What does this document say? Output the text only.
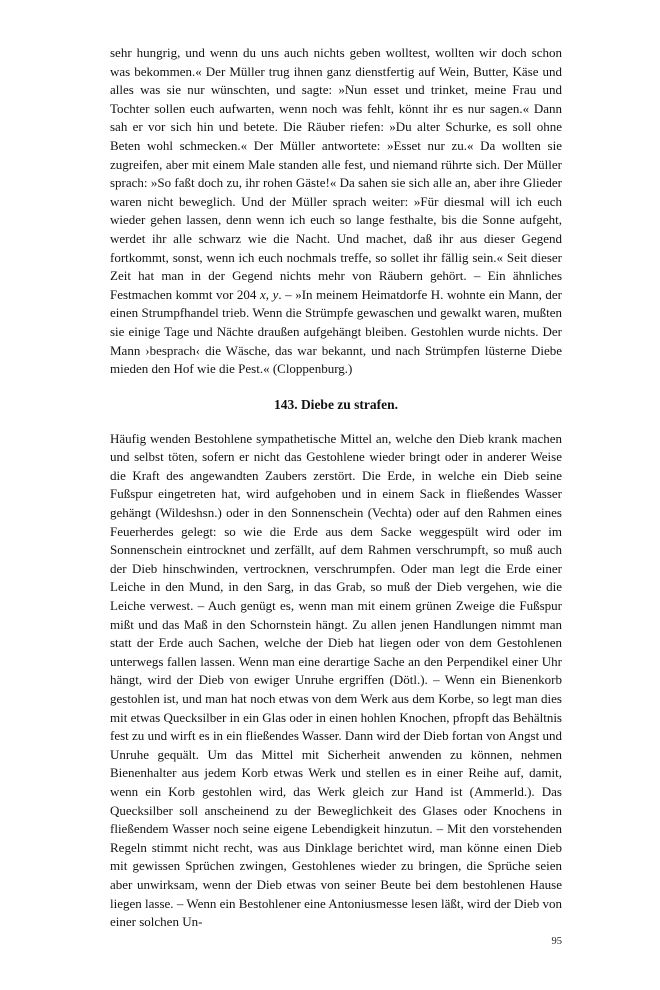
sehr hungrig, und wenn du uns auch nichts geben wolltest, wollten wir doch schon was bekommen.« Der Müller trug ihnen ganz dienstfertig auf Wein, Butter, Käse und alles was sie nur wünschten, und sagte: »Nun esset und trinket, meine Frau und Tochter sollen euch aufwarten, wenn noch was fehlt, könnt ihr es nur sagen.« Dann sah er vor sich hin und betete. Die Räuber riefen: »Du alter Schurke, es soll ohne Beten wohl schmecken.« Der Müller antwortete: »Esset nur zu.« Da wollten sie zugreifen, aber mit einem Male standen alle fest, und niemand rührte sich. Der Müller sprach: »So faßt doch zu, ihr rohen Gäste!« Da sahen sie sich alle an, aber ihre Glieder waren nicht beweglich. Und der Müller sprach weiter: »Für diesmal will ich euch wieder gehen lassen, denn wenn ich euch so lange festhalte, bis die Sonne aufgeht, werdet ihr alle schwarz wie die Nacht. Und machet, daß ihr aus dieser Gegend fortkommt, sonst, wenn ich euch nochmals treffe, so sollet ihr fällig sein.« Seit dieser Zeit hat man in der Gegend nichts mehr von Räubern gehört. – Ein ähnliches Festmachen kommt vor 204 x, y. – »In meinem Heimatdorfe H. wohnte ein Mann, der einen Strumpfhandel trieb. Wenn die Strümpfe gewaschen und gewalkt waren, mußten sie einige Tage und Nächte draußen aufgehängt bleiben. Gestohlen wurde nichts. Der Mann ›besprach‹ die Wäsche, das war bekannt, und nach Strümpfen lüsterne Diebe mieden den Hof wie die Pest.« (Cloppenburg.)

143. Diebe zu strafen.

Häufig wenden Bestohlene sympathetische Mittel an, welche den Dieb krank machen und selbst töten, sofern er nicht das Gestohlene wieder bringt oder in anderer Weise die Kraft des angewandten Zaubers zerstört. Die Erde, in welche ein Dieb seine Fußspur eingetreten hat, wird aufgehoben und in einem Sack in fließendes Wasser gehängt (Wildeshsn.) oder in den Sonnenschein (Vechta) oder auf den Rahmen eines Feuerherdes gelegt: so wie die Erde aus dem Sacke weggespült wird oder im Sonnenschein eintrocknet und zerfällt, auf dem Rahmen verschrumpft, so muß auch der Dieb hinschwinden, vertrocknen, verschrumpfen. Oder man legt die Erde einer Leiche in den Mund, in den Sarg, in das Grab, so muß der Dieb vergehen, wie die Leiche verwest. – Auch genügt es, wenn man mit einem grünen Zweige die Fußspur mißt und das Maß in den Schornstein hängt. Zu allen jenen Handlungen nimmt man statt der Erde auch Sachen, welche der Dieb hat liegen oder von dem Gestohlenen unterwegs fallen lassen. Wenn man eine derartige Sache an den Perpendikel einer Uhr hängt, wird der Dieb von ewiger Unruhe ergriffen (Dötl.). – Wenn ein Bienenkorb gestohlen ist, und man hat noch etwas von dem Werk aus dem Korbe, so legt man dies mit etwas Quecksilber in ein Glas oder in einen hohlen Knochen, pfropft das Behältnis fest zu und wirft es in ein fließendes Wasser. Dann wird der Dieb fortan von Angst und Unruhe gequält. Um das Mittel mit Sicherheit anwenden zu können, nehmen Bienenhalter aus jedem Korb etwas Werk und stellen es in einer Reihe auf, damit, wenn ein Korb gestohlen wird, das Werk gleich zur Hand ist (Ammerld.). Das Quecksilber soll anscheinend zu der Beweglichkeit des Glases oder Knochens in fließendem Wasser noch seine eigene Lebendigkeit hinzutun. – Mit den vorstehenden Regeln stimmt nicht recht, was aus Dinklage berichtet wird, man könne einen Dieb mit gewissen Sprüchen zwingen, Gestohlenes wieder zu bringen, die Sprüche seien aber unwirksam, wenn der Dieb etwas von seiner Beute bei dem bestohlenen Hause liegen lasse. – Wenn ein Bestohlener eine Antoniusmesse lesen läßt, wird der Dieb von einer solchen Un-

95
